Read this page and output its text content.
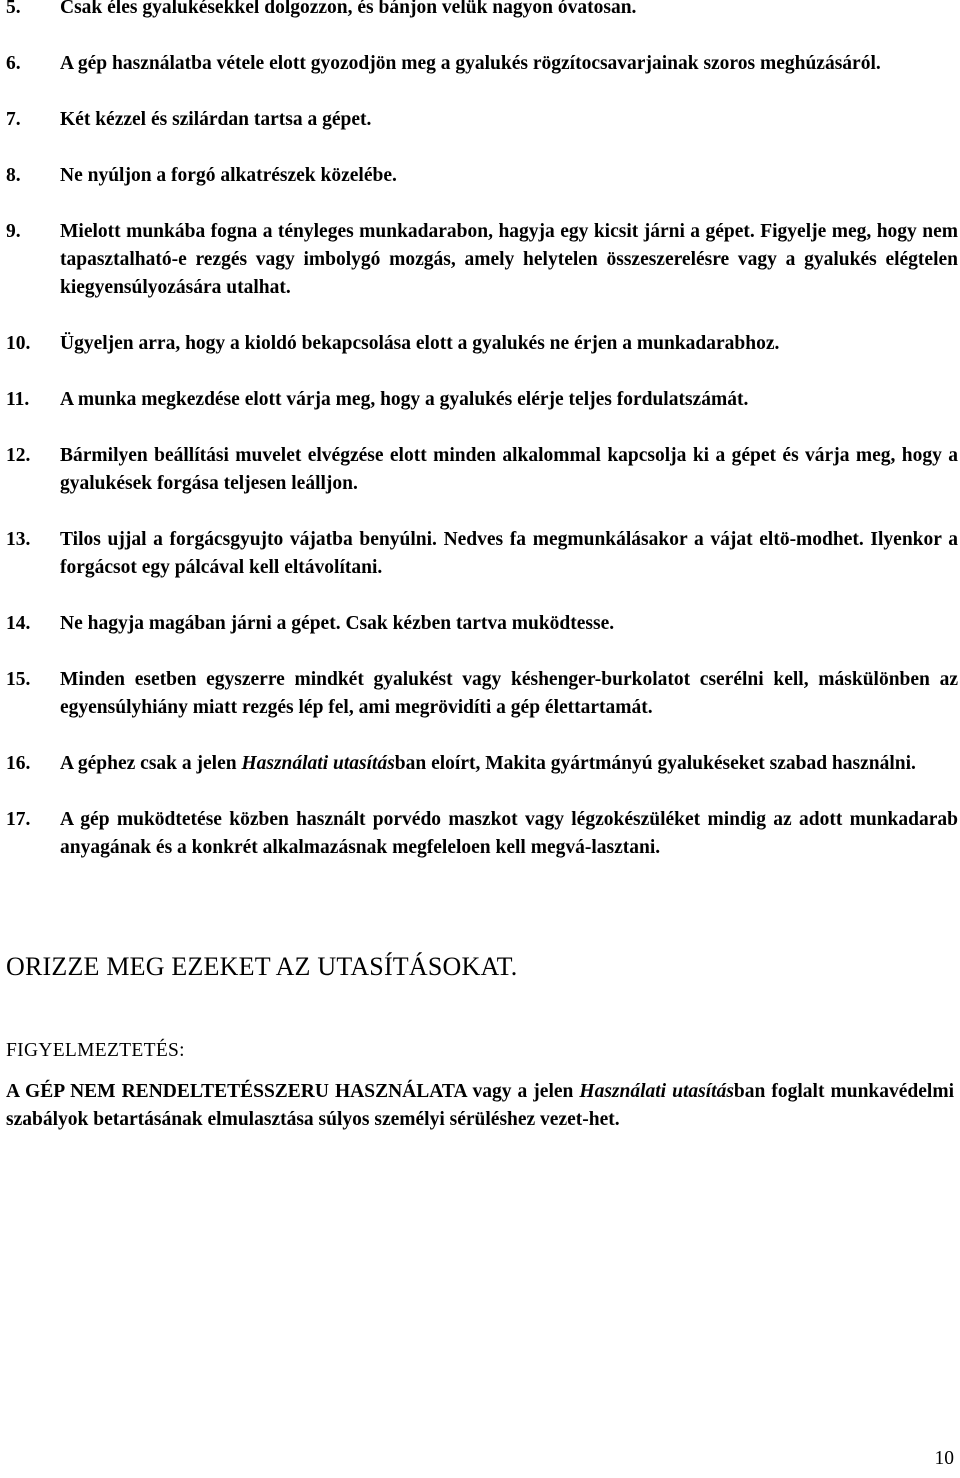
5.	Csak éles gyalukésekkel dolgozzon, és bánjon velük nagyon óvatosan.
6.	A gép használatba vétele elott gyozodjön meg a gyalukés rögzítocsavarjainak szoros meghúzásáról.
7.	Két kézzel és szilárdan tartsa a gépet.
8.	Ne nyúljon a forgó alkatrészek közelébe.
9.	Mielott munkába fogna a tényleges munkadarabon, hagyja egy kicsit járni a gépet. Figyelje meg, hogy nem tapasztalható-e rezgés vagy imbolygó mozgás, amely helytelen összeszerelésre vagy a gyalukés elégtelen kiegyensúlyozására utalhat.
10.	Ügyeljen arra, hogy a kioldó bekapcsolása elott a gyalukés ne érjen a munkadarabhoz.
11.	A munka megkezdése elott várja meg, hogy a gyalukés elérje teljes fordulatszámát.
12.	Bármilyen beállítási muvelet elvégzése elott minden alkalommal kapcsolja ki a gépet és várja meg, hogy a gyalukések forgása teljesen leálljon.
13.	Tilos ujjal a forgácsgyujto vájatba benyúlni. Nedves fa megmunkálásakor a vájat eltö-modhet. Ilyenkor a forgácsot egy pálcával kell eltávolítani.
14.	Ne hagyja magában járni a gépet. Csak kézben tartva muködtesse.
15.	Minden esetben egyszerre mindkét gyalukést vagy késhenger-burkolatot cserélni kell, máskülönben az egyensúlyhiány miatt rezgés lép fel, ami megrövidíti a gép élettartamát.
16.	A géphez csak a jelen Használati utasításban eloírt, Makita gyártmányú gyalukéseket szabad használni.
17.	A gép muködtetése közben használt porvédo maszkot vagy légzokészüléket mindig az adott munkadarab anyagának és a konkrét alkalmazásnak megfeleloen kell megvá-lasztani.
ORIZZE MEG EZEKET AZ UTASÍTÁSOKAT.
FIGYELMEZTETÉS:

A GÉP NEM RENDELTETÉSSZERU HASZNÁLATA vagy a jelen Használati utasításban foglalt munkavédelmi szabályok betartásának elmulasztása súlyos személyi sérüléshez vezet-het.

10
